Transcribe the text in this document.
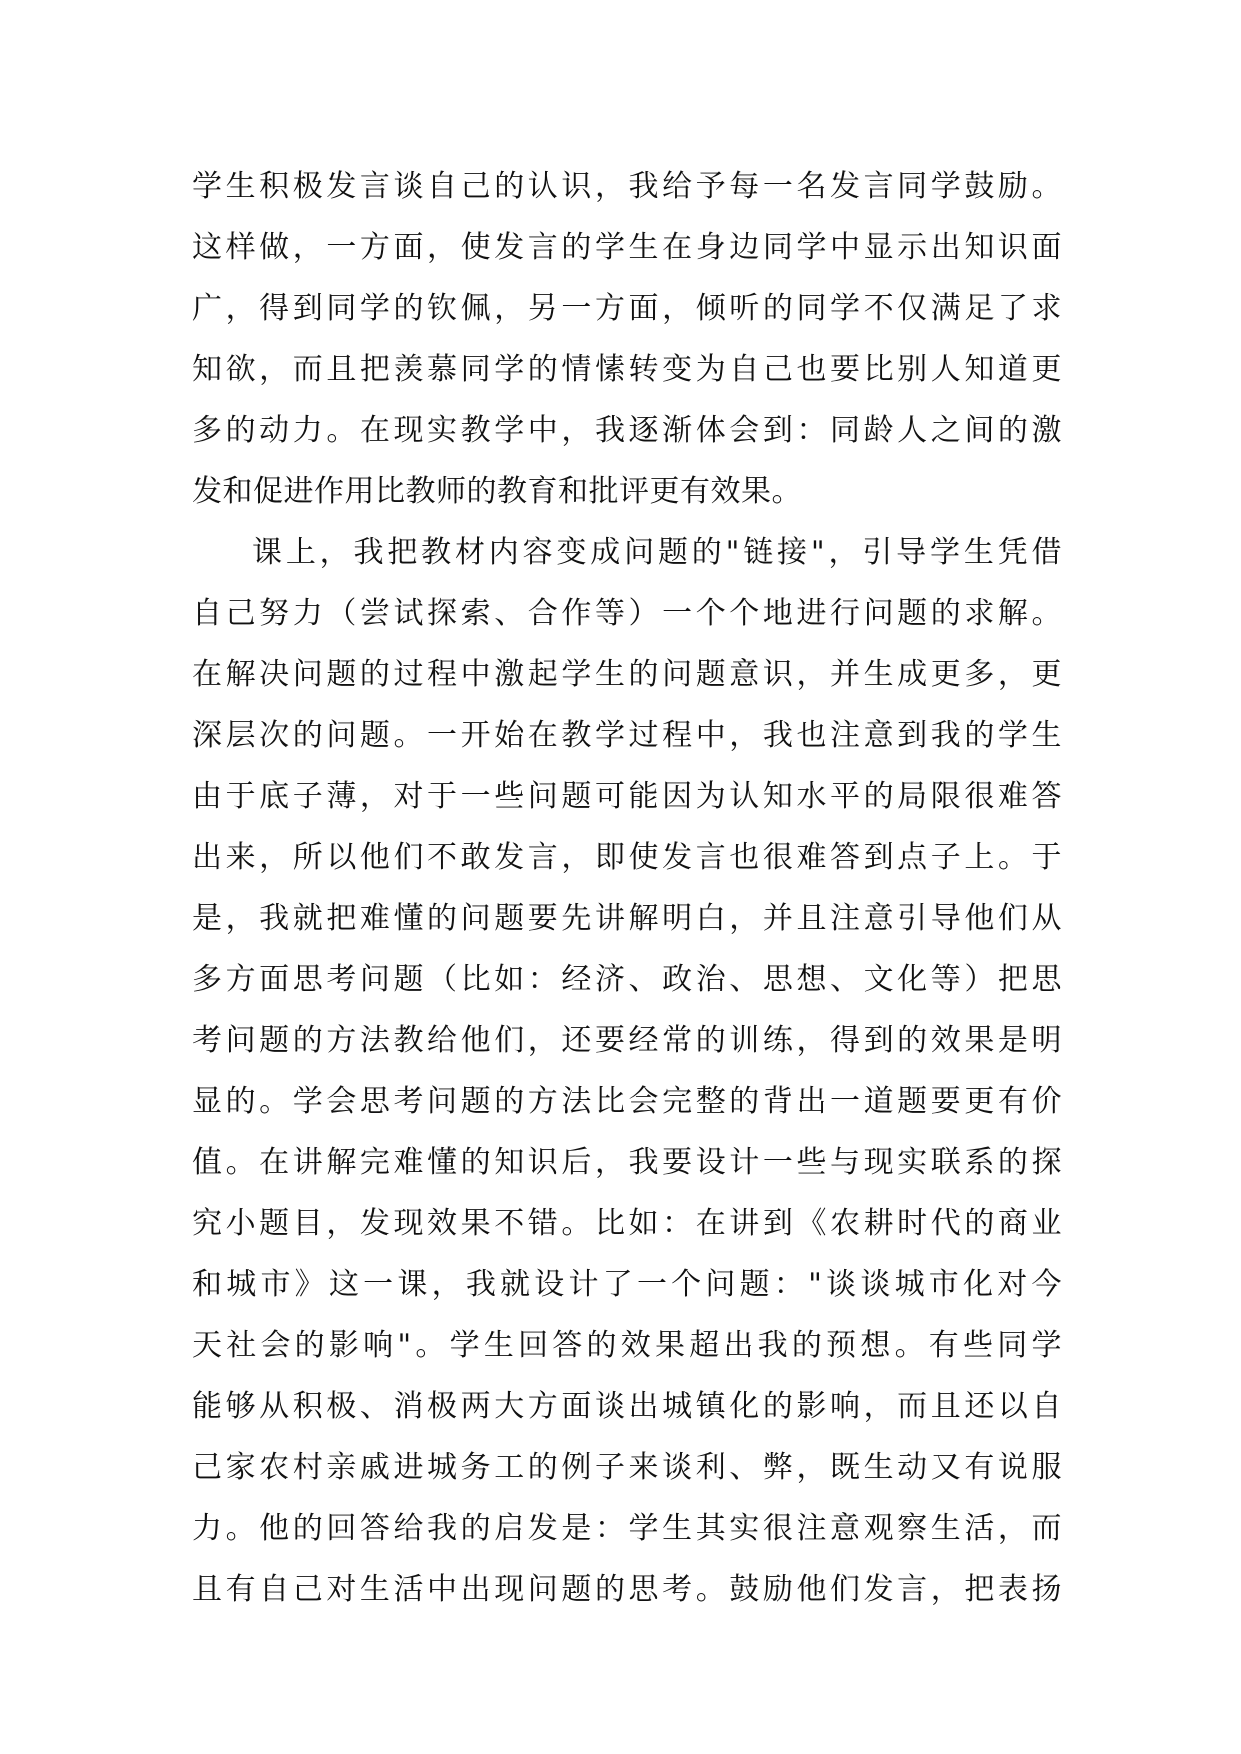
学生积极发言谈自己的认识，我给予每一名发言同学鼓励。
这样做，一方面，使发言的学生在身边同学中显示出知识面
广，得到同学的钦佩，另一方面，倾听的同学不仅满足了求
知欲，而且把羡慕同学的情愫转变为自己也要比别人知道更
多的动力。在现实教学中，我逐渐体会到：同龄人之间的激
发和促进作用比教师的教育和批评更有效果。
课上，我把教材内容变成问题的"链接"，引导学生凭借
自己努力（尝试探索、合作等）一个个地进行问题的求解。
在解决问题的过程中激起学生的问题意识，并生成更多，更
深层次的问题。一开始在教学过程中，我也注意到我的学生
由于底子薄，对于一些问题可能因为认知水平的局限很难答
出来，所以他们不敢发言，即使发言也很难答到点子上。于
是，我就把难懂的问题要先讲解明白，并且注意引导他们从
多方面思考问题（比如：经济、政治、思想、文化等）把思
考问题的方法教给他们，还要经常的训练，得到的效果是明
显的。学会思考问题的方法比会完整的背出一道题要更有价
值。在讲解完难懂的知识后，我要设计一些与现实联系的探
究小题目，发现效果不错。比如：在讲到《农耕时代的商业
和城市》这一课，我就设计了一个问题："谈谈城市化对今
天社会的影响"。学生回答的效果超出我的预想。有些同学
能够从积极、消极两大方面谈出城镇化的影响，而且还以自
己家农村亲戚进城务工的例子来谈利、弊，既生动又有说服
力。他的回答给我的启发是：学生其实很注意观察生活，而
且有自己对生活中出现问题的思考。鼓励他们发言，把表扬
